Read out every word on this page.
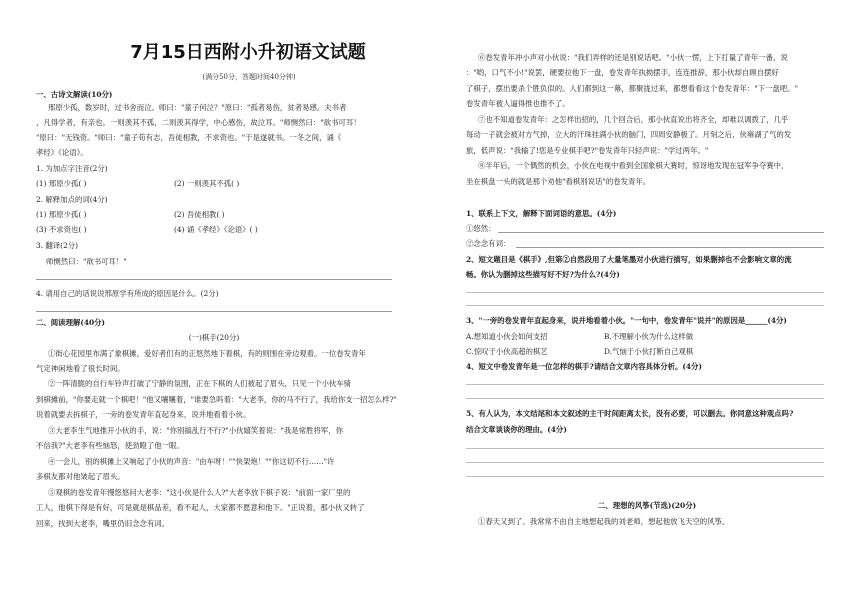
7月15日西附小升初语文试题
(满分50分，答题时间40分钟)
一、古诗文解读(10分)
邢原少孤，数岁时，过书舍而泣。师曰："童子何泣？"原曰："孤者易伤，贫者易感。夫书者
，凡得学者，有亲也。一则羡其不孤，二则羡其得学，中心感伤，故泣耳。"师恻然曰："欲书可耳！
"原曰："无钱资。"师曰："童子苟有志，吾徒相教，不求资也。"于是遂就书。一冬之间，诵《
孝经》《论语》。
1. 为加点字注音(2分)
(1) 邢原少孤( )	(2) 一则羡其不孤( )
2. 解释加点的词(4分)
(1) 邢原少孤( )	(2) 吾徒相教( )
(3) 不求资也( )	(4) 诵《孝经》《论语》( )
3. 翻译(2分)
师恻然曰："欲书可耳！"
4. 请用自己的话说说邢原学有所成的原因是什么。(2分)
二、阅读理解(40分)
(一)棋手(20分)
①街心花园里布满了象棋摊，爱好者们有的正悠然地下着棋，有的则围在旁边观看。一位卷发青年
气定神闲地看了很长时间。
②一阵清脆的自行车铃声打破了宁静的氛围，正在下棋的人们被起了眉头，只见一个小伙车骑
到棋摊前，"你要走就一个棋吧！"他又嚷嚷着，"谁要急吗着："大老李，你的马不行了，我给你支一招怎么样?"
说着就要去拆棋子，一旁的卷发青年直起身来，说并地看着小伙。
③大老李生气地推开小伙的手，说："你别搞乱行不行?"小伙嬉笑着说："我是常胜将军，你
不信我?"大老李有些恼怒，使劲瞪了他一眼。
④一会儿，别的棋摊上又响起了小伙的声音："由车呀！""快架炮！""你这切不行……"许
多棋友都对他皱起了眉头。
⑤观棋的卷发青年慢悠悠问大老李："这小伙是什么人?"大老李放下棋子说："前面一家厂里的
工人，他棋下得是有好，可是就是棋品差，看不起人，大家都不愿意和他下。"正说着，那小伙又转了
回来，找到大老李，嘴里仍旧念念有词。
⑥卷发青年冲小声对小伙说："我们弄样的还是别说话吧。"小伙一愣，上下打量了青年一番，说
："哟，口气不小!"说罢，硬要拉他下一盘，卷发青年执拗摆手，连连推辞，那小伙却自顾自摆好
了棋子，摆出要杀个胜负似的。人们都到这一幕，都聚拢过来，都想看看这个卷发青年："下一盘吧。"
卷发青年被人逼得推也推不了。
⑦也不知道卷发青年：之怎样出招的，几个回合后，那小伙直说出将齐全，却难以调拨了，几乎
每动一子就会被对方气掉，立大的汗珠挂满小伙的脑门，四周安静极了。月刻之后，伙雍湖了气的发
旅，低声说："我输了!您是专业棋手吧?"卷发青年只轻声说："学过两年。"
⑧半年后，一个偶然的机会，小伙在电视中看到全国象棋大赛时，惊讶地发现在冠军争夺赛中，
坐在棋盘一头的就是那个劝他"看棋别说话"的卷发青年。
1、联系上下文，解释下面词语的意思。(4分)
①悠然：
②念念有词：
2、短文题目是《棋手》,但第②自然段用了大量笔墨对小伙进行描写，如果删掉也不会影响文章的流
畅。你认为删掉这些描写好不好?为什么?(4分)
3、"一旁的卷发青年直起身来，说并地看着小伙。"一句中，卷发青年"说并"的原因是______(4分)
A.想知道小伙会如何支招	B.不理解小伙为什么这样做
C.惊叹于小伙高超的棋艺	D.气恼于小伙打断自己观棋
4、短文中卷发青年是一位怎样的棋手?请结合文章内容具体分析。(4分)
5、有人认为，本文结尾和本文叙述的主干时间距离太长，没有必要，可以删去。你同意这种观点吗?
结合文章谈谈你的理由。(4分)
二、理想的风筝(节选)(20分)
①春天又到了。我常常不由自主地想起我的刘老师，想起他放飞天空的风筝。
